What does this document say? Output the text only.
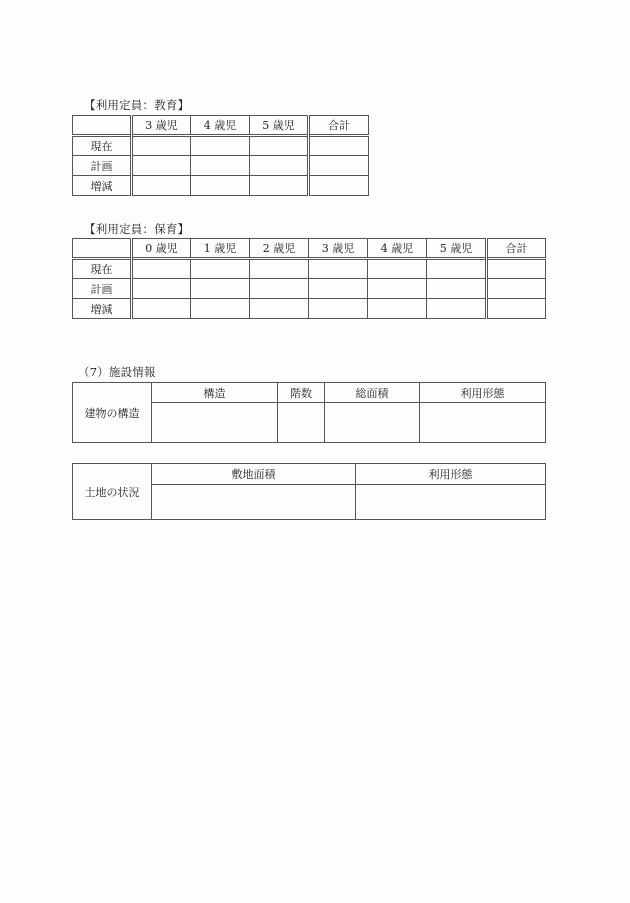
【利用定員：教育】
	3 歳児	4 歳児	5 歳児	合計
現在				
計画				
増減				
【利用定員：保育】
	0 歳児	1 歳児	2 歳児	3 歳児	4 歳児	5 歳児	合計
現在							
計画							
増減							
（7）施設情報
建物の構造	構造	階数	総面積	利用形態

土地の状況	敷地面積	利用形態
